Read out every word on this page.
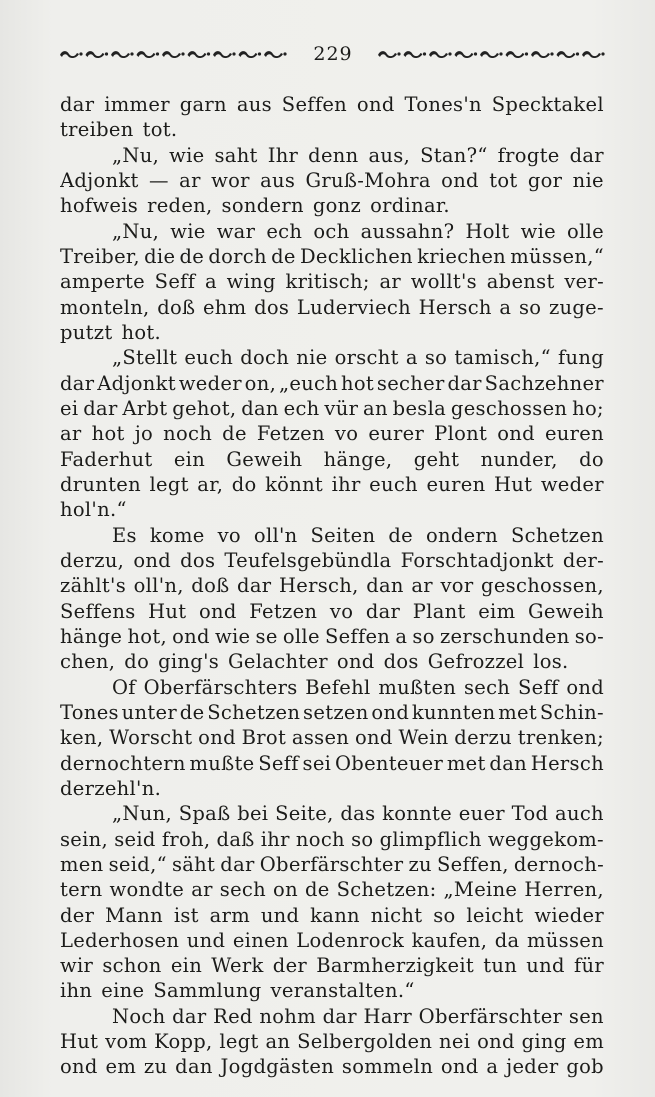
229
dar immer garn aus Seffen ond Tones'n Specktakel
treiben tot.
„Nu, wie saht Ihr denn aus, Stan?“ frogte dar
Adjonkt — ar wor aus Gruß-Mohra ond tot gor nie
hofweis reden, sondern gonz ordinar.
„Nu, wie war ech och aussahn? Holt wie olle
Treiber, die de dorch de Decklichen kriechen müssen,“
amperte Seff a wing kritisch; ar wollt's abenst ver-
monteln, doß ehm dos Luderviech Hersch a so zuge-
putzt hot.
„Stellt euch doch nie orscht a so tamisch,“ fung
dar Adjonkt weder on, „euch hot secher dar Sachzehner
ei dar Arbt gehot, dan ech vür an besla geschossen ho;
ar hot jo noch de Fetzen vo eurer Plont ond euren
Faderhut ein Geweih hänge, geht nunder, do
drunten legt ar, do könnt ihr euch euren Hut weder
hol'n.“
Es kome vo oll'n Seiten de ondern Schetzen
derzu, ond dos Teufelsgebündla Forschtadjonkt der-
zählt's oll'n, doß dar Hersch, dan ar vor geschossen,
Seffens Hut ond Fetzen vo dar Plant eim Geweih
hänge hot, ond wie se olle Seffen a so zerschunden so-
chen, do ging's Gelachter ond dos Gefrozzel los.
Of Oberfärschters Befehl mußten sech Seff ond
Tones unter de Schetzen setzen ond kunnten met Schin-
ken, Worscht ond Brot assen ond Wein derzu trenken;
dernochtern mußte Seff sei Obenteuer met dan Hersch
derzehl'n.
„Nun, Spaß bei Seite, das konnte euer Tod auch
sein, seid froh, daß ihr noch so glimpflich weggekom-
men seid,“ säht dar Oberfärschter zu Seffen, dernoch-
tern wondte ar sech on de Schetzen: „Meine Herren,
der Mann ist arm und kann nicht so leicht wieder
Lederhosen und einen Lodenrock kaufen, da müssen
wir schon ein Werk der Barmherzigkeit tun und für
ihn eine Sammlung veranstalten.“
Noch dar Red nohm dar Harr Oberfärschter sen
Hut vom Kopp, legt an Selbergolden nei ond ging em
ond em zu dan Jogdgästen sommeln ond a jeder gob
